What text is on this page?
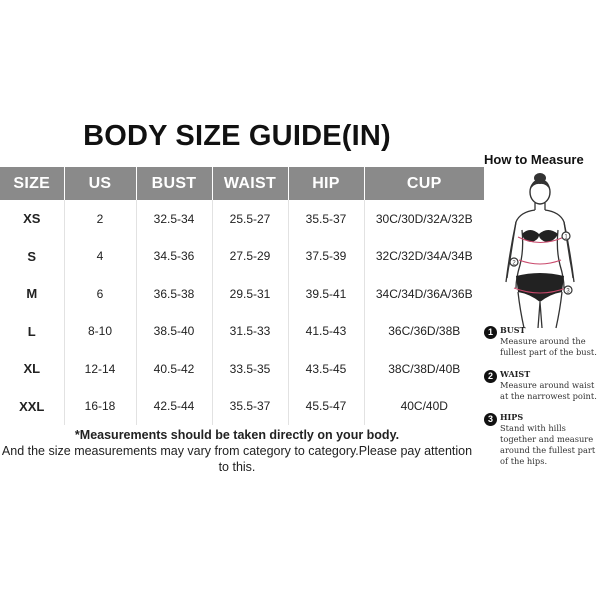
BODY SIZE GUIDE(IN)
SIZE	US	BUST	WAIST	HIP	CUP
XS	2	32.5-34	25.5-27	35.5-37	30C/30D/32A/32B
S	4	34.5-36	27.5-29	37.5-39	32C/32D/34A/34B
M	6	36.5-38	29.5-31	39.5-41	34C/34D/36A/36B
L	8-10	38.5-40	31.5-33	41.5-43	36C/36D/38B
XL	12-14	40.5-42	33.5-35	43.5-45	38C/38D/40B
XXL	16-18	42.5-44	35.5-37	45.5-47	40C/40D
*Measurements should be taken directly on your body.
And the size measurements may vary from category to category.Please pay attention to this.
How to Measure
1
2
3
1 BUST
Measure around the fullest part of the bust.
2 WAIST
Measure around waist at the narrowest point.
3 HIPS
Stand with hills together and measure around the fullest part of the hips.
